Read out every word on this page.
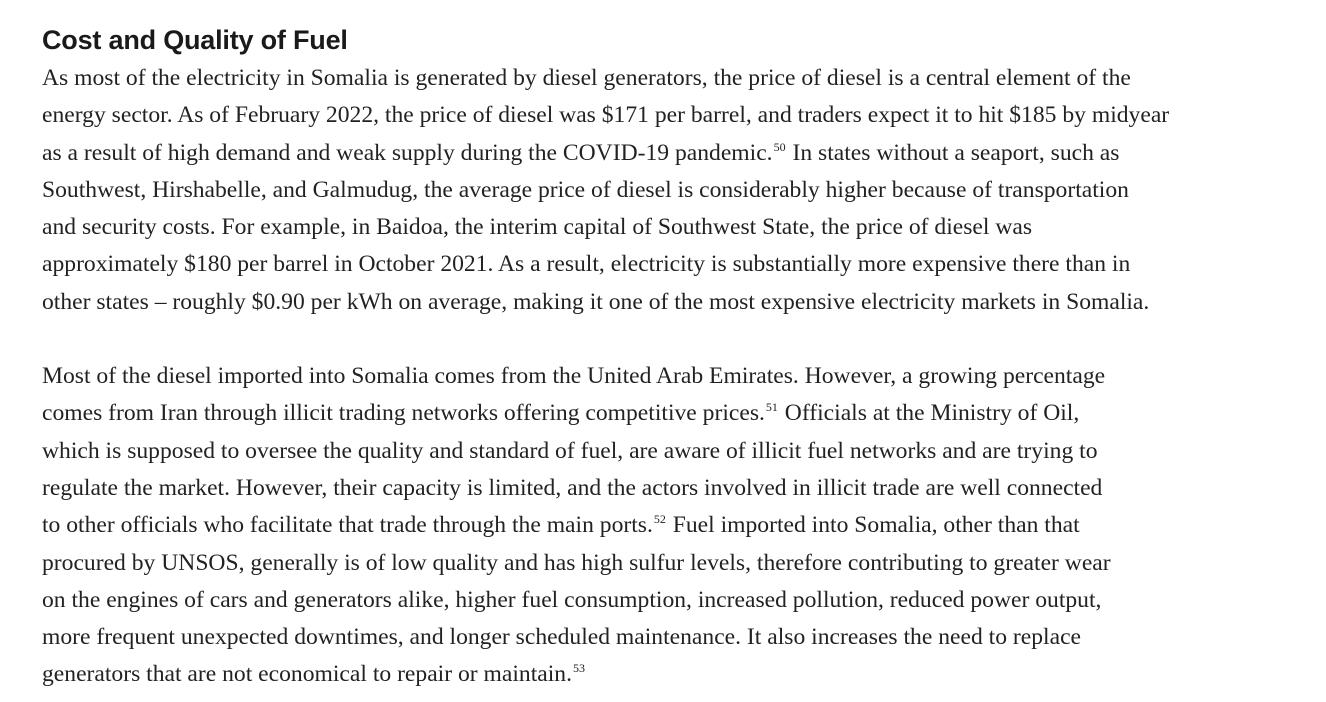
Cost and Quality of Fuel

As most of the electricity in Somalia is generated by diesel generators, the price of diesel is a central element of the
energy sector. As of February 2022, the price of diesel was $171 per barrel, and traders expect it to hit $185 by midyear
as a result of high demand and weak supply during the COVID-19 pandemic.$^{50}$ In states without a seaport, such as
Southwest, Hirshabelle, and Galmudug, the average price of diesel is considerably higher because of transportation
and security costs. For example, in Baidoa, the interim capital of Southwest State, the price of diesel was
approximately $180 per barrel in October 2021. As a result, electricity is substantially more expensive there than in
other states – roughly $0.90 per kWh on average, making it one of the most expensive electricity markets in Somalia.

Most of the diesel imported into Somalia comes from the United Arab Emirates. However, a growing percentage
comes from Iran through illicit trading networks offering competitive prices.$^{51}$ Officials at the Ministry of Oil,
which is supposed to oversee the quality and standard of fuel, are aware of illicit fuel networks and are trying to
regulate the market. However, their capacity is limited, and the actors involved in illicit trade are well connected
to other officials who facilitate that trade through the main ports.$^{52}$ Fuel imported into Somalia, other than that
procured by UNSOS, generally is of low quality and has high sulfur levels, therefore contributing to greater wear
on the engines of cars and generators alike, higher fuel consumption, increased pollution, reduced power output,
more frequent unexpected downtimes, and longer scheduled maintenance. It also increases the need to replace
generators that are not economical to repair or maintain.$^{53}$
